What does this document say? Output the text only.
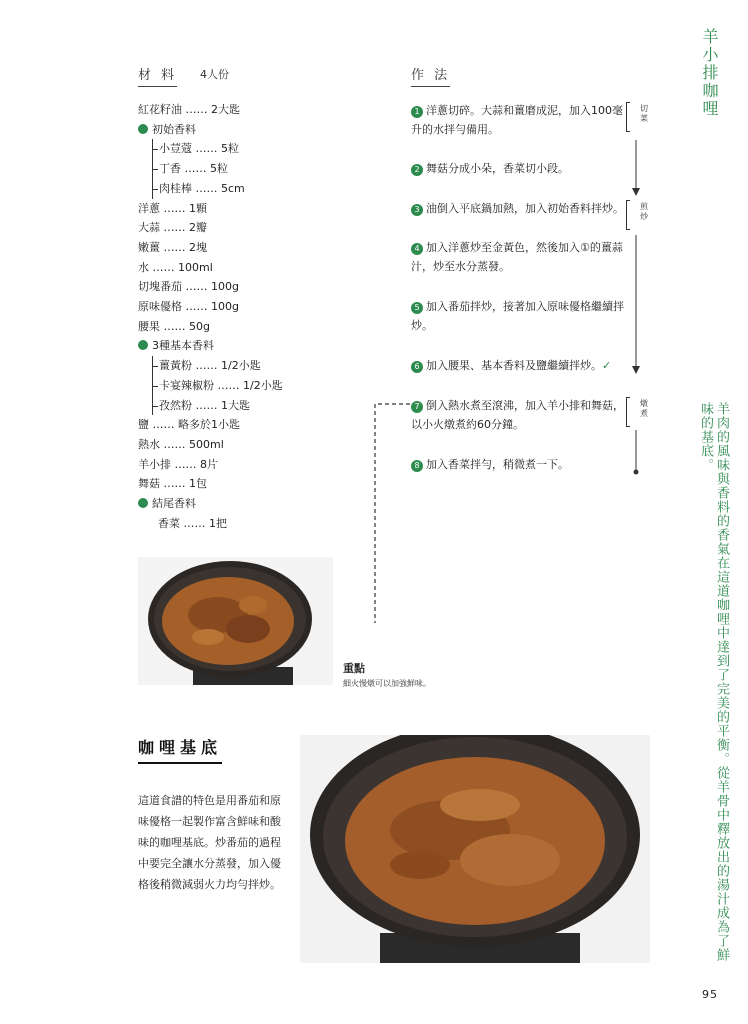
材 料 4人份
紅花籽油 …… 2大匙
初始香料
小荳蔻 …… 5粒
丁香 …… 5粒
肉桂棒 …… 5cm
洋蔥 …… 1顆
大蒜 …… 2瓣
嫩薑 …… 2塊
水 …… 100ml
切塊番茄 …… 100g
原味優格 …… 100g
腰果 …… 50g
3種基本香料
薑黃粉 …… 1/2小匙
卡宴辣椒粉 …… 1/2小匙
孜然粉 …… 1大匙
鹽 …… 略多於1小匙
熱水 …… 500ml
羊小排 …… 8片
舞菇 …… 1包
結尾香料
香菜 …… 1把
作 法
1 洋蔥切碎。大蒜和薑磨成泥，加入100毫升的水拌勻備用。
2 舞菇分成小朵，香菜切小段。
3 油倒入平底鍋加熱，加入初始香料拌炒。
4 加入洋蔥炒至金黃色，然後加入①的薑蒜汁，炒至水分蒸發。
5 加入番茄拌炒，接著加入原味優格繼續拌炒。
6 加入腰果、基本香料及鹽繼續拌炒。✓
7 倒入熱水煮至滾沸，加入羊小排和舞菇，以小火燉煮約60分鐘。
8 加入香菜拌勻，稍微煮一下。
切菜
煎炒
燉煮
重點
細火慢燉可以加強鮮味。
咖哩基底
這道食譜的特色是用番茄和原味優格一起製作富含鮮味和酸味的咖哩基底。炒番茄的過程中要完全讓水分蒸發，加入優格後稍微減弱火力均勻拌炒。
羊小排咖哩
羊肉的風味與香料的香氣在這道咖哩中達到了完美的平衡。從羊骨中釋放出的湯汁成為了鮮味的基底。
95
